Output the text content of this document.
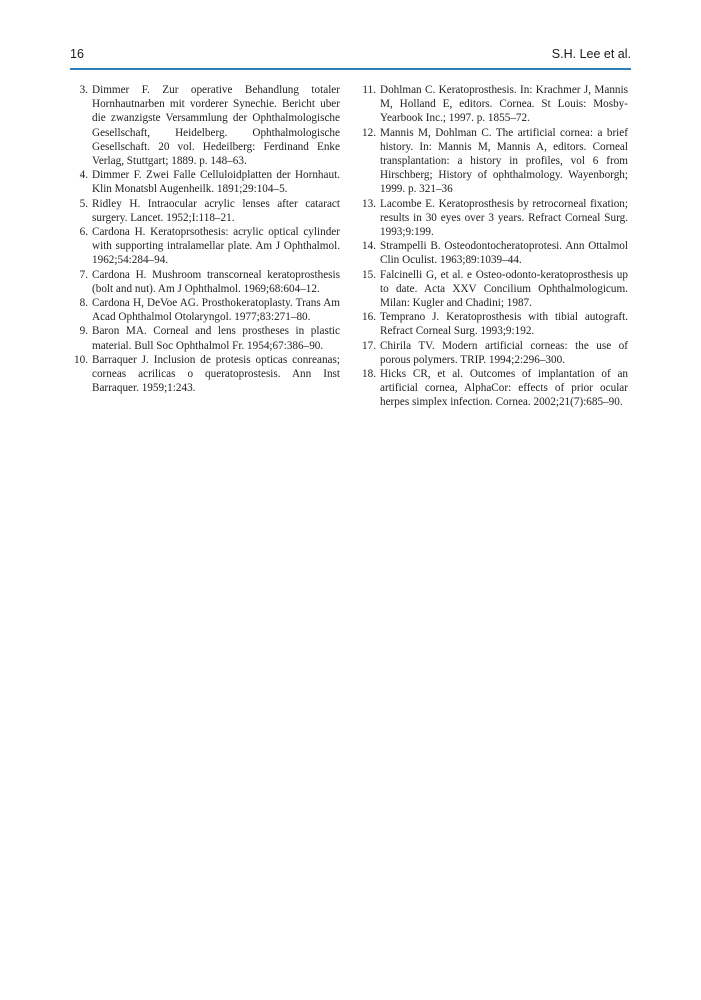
16	S.H. Lee et al.
3. Dimmer F. Zur operative Behandlung totaler Hornhautnarben mit vorderer Synechie. Bericht uber die zwanzigste Versammlung der Ophthalmologische Gesellschaft, Heidelberg. Ophthalmologische Gesellschaft. 20 vol. Hedeilberg: Ferdinand Enke Verlag, Stuttgart; 1889. p. 148–63.
4. Dimmer F. Zwei Falle Celluloidplatten der Hornhaut. Klin Monatsbl Augenheilk. 1891;29:104–5.
5. Ridley H. Intraocular acrylic lenses after cataract surgery. Lancet. 1952;I:118–21.
6. Cardona H. Keratoprsothesis: acrylic optical cylinder with supporting intralamellar plate. Am J Ophthalmol. 1962;54:284–94.
7. Cardona H. Mushroom transcorneal keratoprosthesis (bolt and nut). Am J Ophthalmol. 1969;68:604–12.
8. Cardona H, DeVoe AG. Prosthokeratoplasty. Trans Am Acad Ophthalmol Otolaryngol. 1977;83:271–80.
9. Baron MA. Corneal and lens prostheses in plastic material. Bull Soc Ophthalmol Fr. 1954;67:386–90.
10. Barraquer J. Inclusion de protesis opticas conreanas; corneas acrilicas o queratoprostesis. Ann Inst Barraquer. 1959;1:243.
11. Dohlman C. Keratoprosthesis. In: Krachmer J, Mannis M, Holland E, editors. Cornea. St Louis: Mosby-Yearbook Inc.; 1997. p. 1855–72.
12. Mannis M, Dohlman C. The artificial cornea: a brief history. In: Mannis M, Mannis A, editors. Corneal transplantation: a history in profiles, vol 6 from Hirschberg; History of ophthalmology. Wayenborgh; 1999. p. 321–36
13. Lacombe E. Keratoprosthesis by retrocorneal fixation; results in 30 eyes over 3 years. Refract Corneal Surg. 1993;9:199.
14. Strampelli B. Osteodontocheratoprotesi. Ann Ottalmol Clin Oculist. 1963;89:1039–44.
15. Falcinelli G, et al. e Osteo-odonto-keratoprosthesis up to date. Acta XXV Concilium Ophthalmologicum. Milan: Kugler and Chadini; 1987.
16. Temprano J. Keratoprosthesis with tibial autograft. Refract Corneal Surg. 1993;9:192.
17. Chirila TV. Modern artificial corneas: the use of porous polymers. TRIP. 1994;2:296–300.
18. Hicks CR, et al. Outcomes of implantation of an artificial cornea, AlphaCor: effects of prior ocular herpes simplex infection. Cornea. 2002;21(7):685–90.
